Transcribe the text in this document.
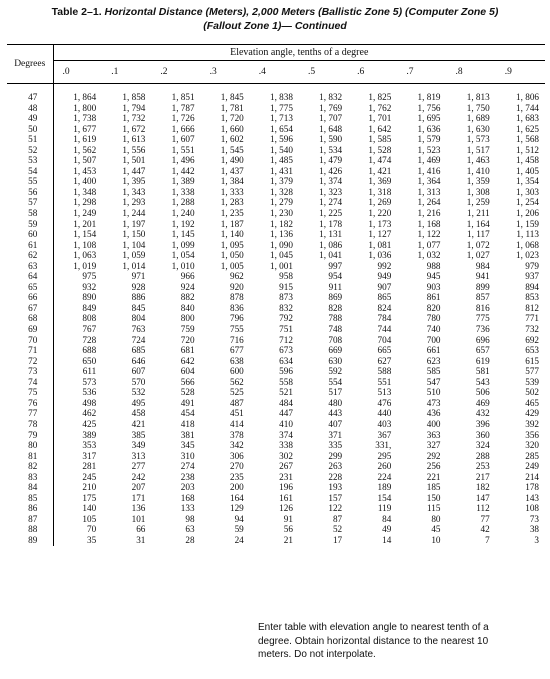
Table 2–1. Horizontal Distance (Meters), 2,000 Meters (Ballistic Zone 5) (Computer Zone 5)
(Fallout Zone 1)— Continued
Degrees	Elevation angle, tenths of a degree									
	.0	.1	.2	.3	.4	.5	.6	.7	.8	.9
47	1, 864	1, 858	1, 851	1, 845	1, 838	1, 832	1, 825	1, 819	1, 813	1, 806
48	1, 800	1, 794	1, 787	1, 781	1, 775	1, 769	1, 762	1, 756	1, 750	1, 744
49	1, 738	1, 732	1, 726	1, 720	1, 713	1, 707	1, 701	1, 695	1, 689	1, 683
50	1, 677	1, 672	1, 666	1, 660	1, 654	1, 648	1, 642	1, 636	1, 630	1, 625
51	1, 619	1, 613	1, 607	1, 602	1, 596	1, 590	1, 585	1, 579	1, 573	1, 568
52	1, 562	1, 556	1, 551	1, 545	1, 540	1, 534	1, 528	1, 523	1, 517	1, 512
53	1, 507	1, 501	1, 496	1, 490	1, 485	1, 479	1, 474	1, 469	1, 463	1, 458
54	1, 453	1, 447	1, 442	1, 437	1, 431	1, 426	1, 421	1, 416	1, 410	1, 405
55	1, 400	1, 395	1, 389	1, 384	1, 379	1, 374	1, 369	1, 364	1, 359	1, 354
56	1, 348	1, 343	1, 338	1, 333	1, 328	1, 323	1, 318	1, 313	1, 308	1, 303
57	1, 298	1, 293	1, 288	1, 283	1, 279	1, 274	1, 269	1, 264	1, 259	1, 254
58	1, 249	1, 244	1, 240	1, 235	1, 230	1, 225	1, 220	1, 216	1, 211	1, 206
59	1, 201	1, 197	1, 192	1, 187	1, 182	1, 178	1, 173	1, 168	1, 164	1, 159
60	1, 154	1, 150	1, 145	1, 140	1, 136	1, 131	1, 127	1, 122	1, 117	1, 113
61	1, 108	1, 104	1, 099	1, 095	1, 090	1, 086	1, 081	1, 077	1, 072	1, 068
62	1, 063	1, 059	1, 054	1, 050	1, 045	1, 041	1, 036	1, 032	1, 027	1, 023
63	1, 019	1, 014	1, 010	1, 005	1, 001	997	992	988	984	979
64	975	971	966	962	958	954	949	945	941	937
65	932	928	924	920	915	911	907	903	899	894
66	890	886	882	878	873	869	865	861	857	853
67	849	845	840	836	832	828	824	820	816	812
68	808	804	800	796	792	788	784	780	775	771
69	767	763	759	755	751	748	744	740	736	732
70	728	724	720	716	712	708	704	700	696	692
71	688	685	681	677	673	669	665	661	657	653
72	650	646	642	638	634	630	627	623	619	615
73	611	607	604	600	596	592	588	585	581	577
74	573	570	566	562	558	554	551	547	543	539
75	536	532	528	525	521	517	513	510	506	502
76	498	495	491	487	484	480	476	473	469	465
77	462	458	454	451	447	443	440	436	432	429
78	425	421	418	414	410	407	403	400	396	392
79	389	385	381	378	374	371	367	363	360	356
80	353	349	345	342	338	335	331,	327	324	320
81	317	313	310	306	302	299	295	292	288	285
82	281	277	274	270	267	263	260	256	253	249
83	245	242	238	235	231	228	224	221	217	214
84	210	207	203	200	196	193	189	185	182	178
85	175	171	168	164	161	157	154	150	147	143
86	140	136	133	129	126	122	119	115	112	108
87	105	101	98	94	91	87	84	80	77	73
88	70	66	63	59	56	52	49	45	42	38
89	35	31	28	24	21	17	14	10	7	3
Enter table with elevation angle to nearest tenth of a
degree. Obtain horizontal distance to the nearest 10
meters. Do not interpolate.
